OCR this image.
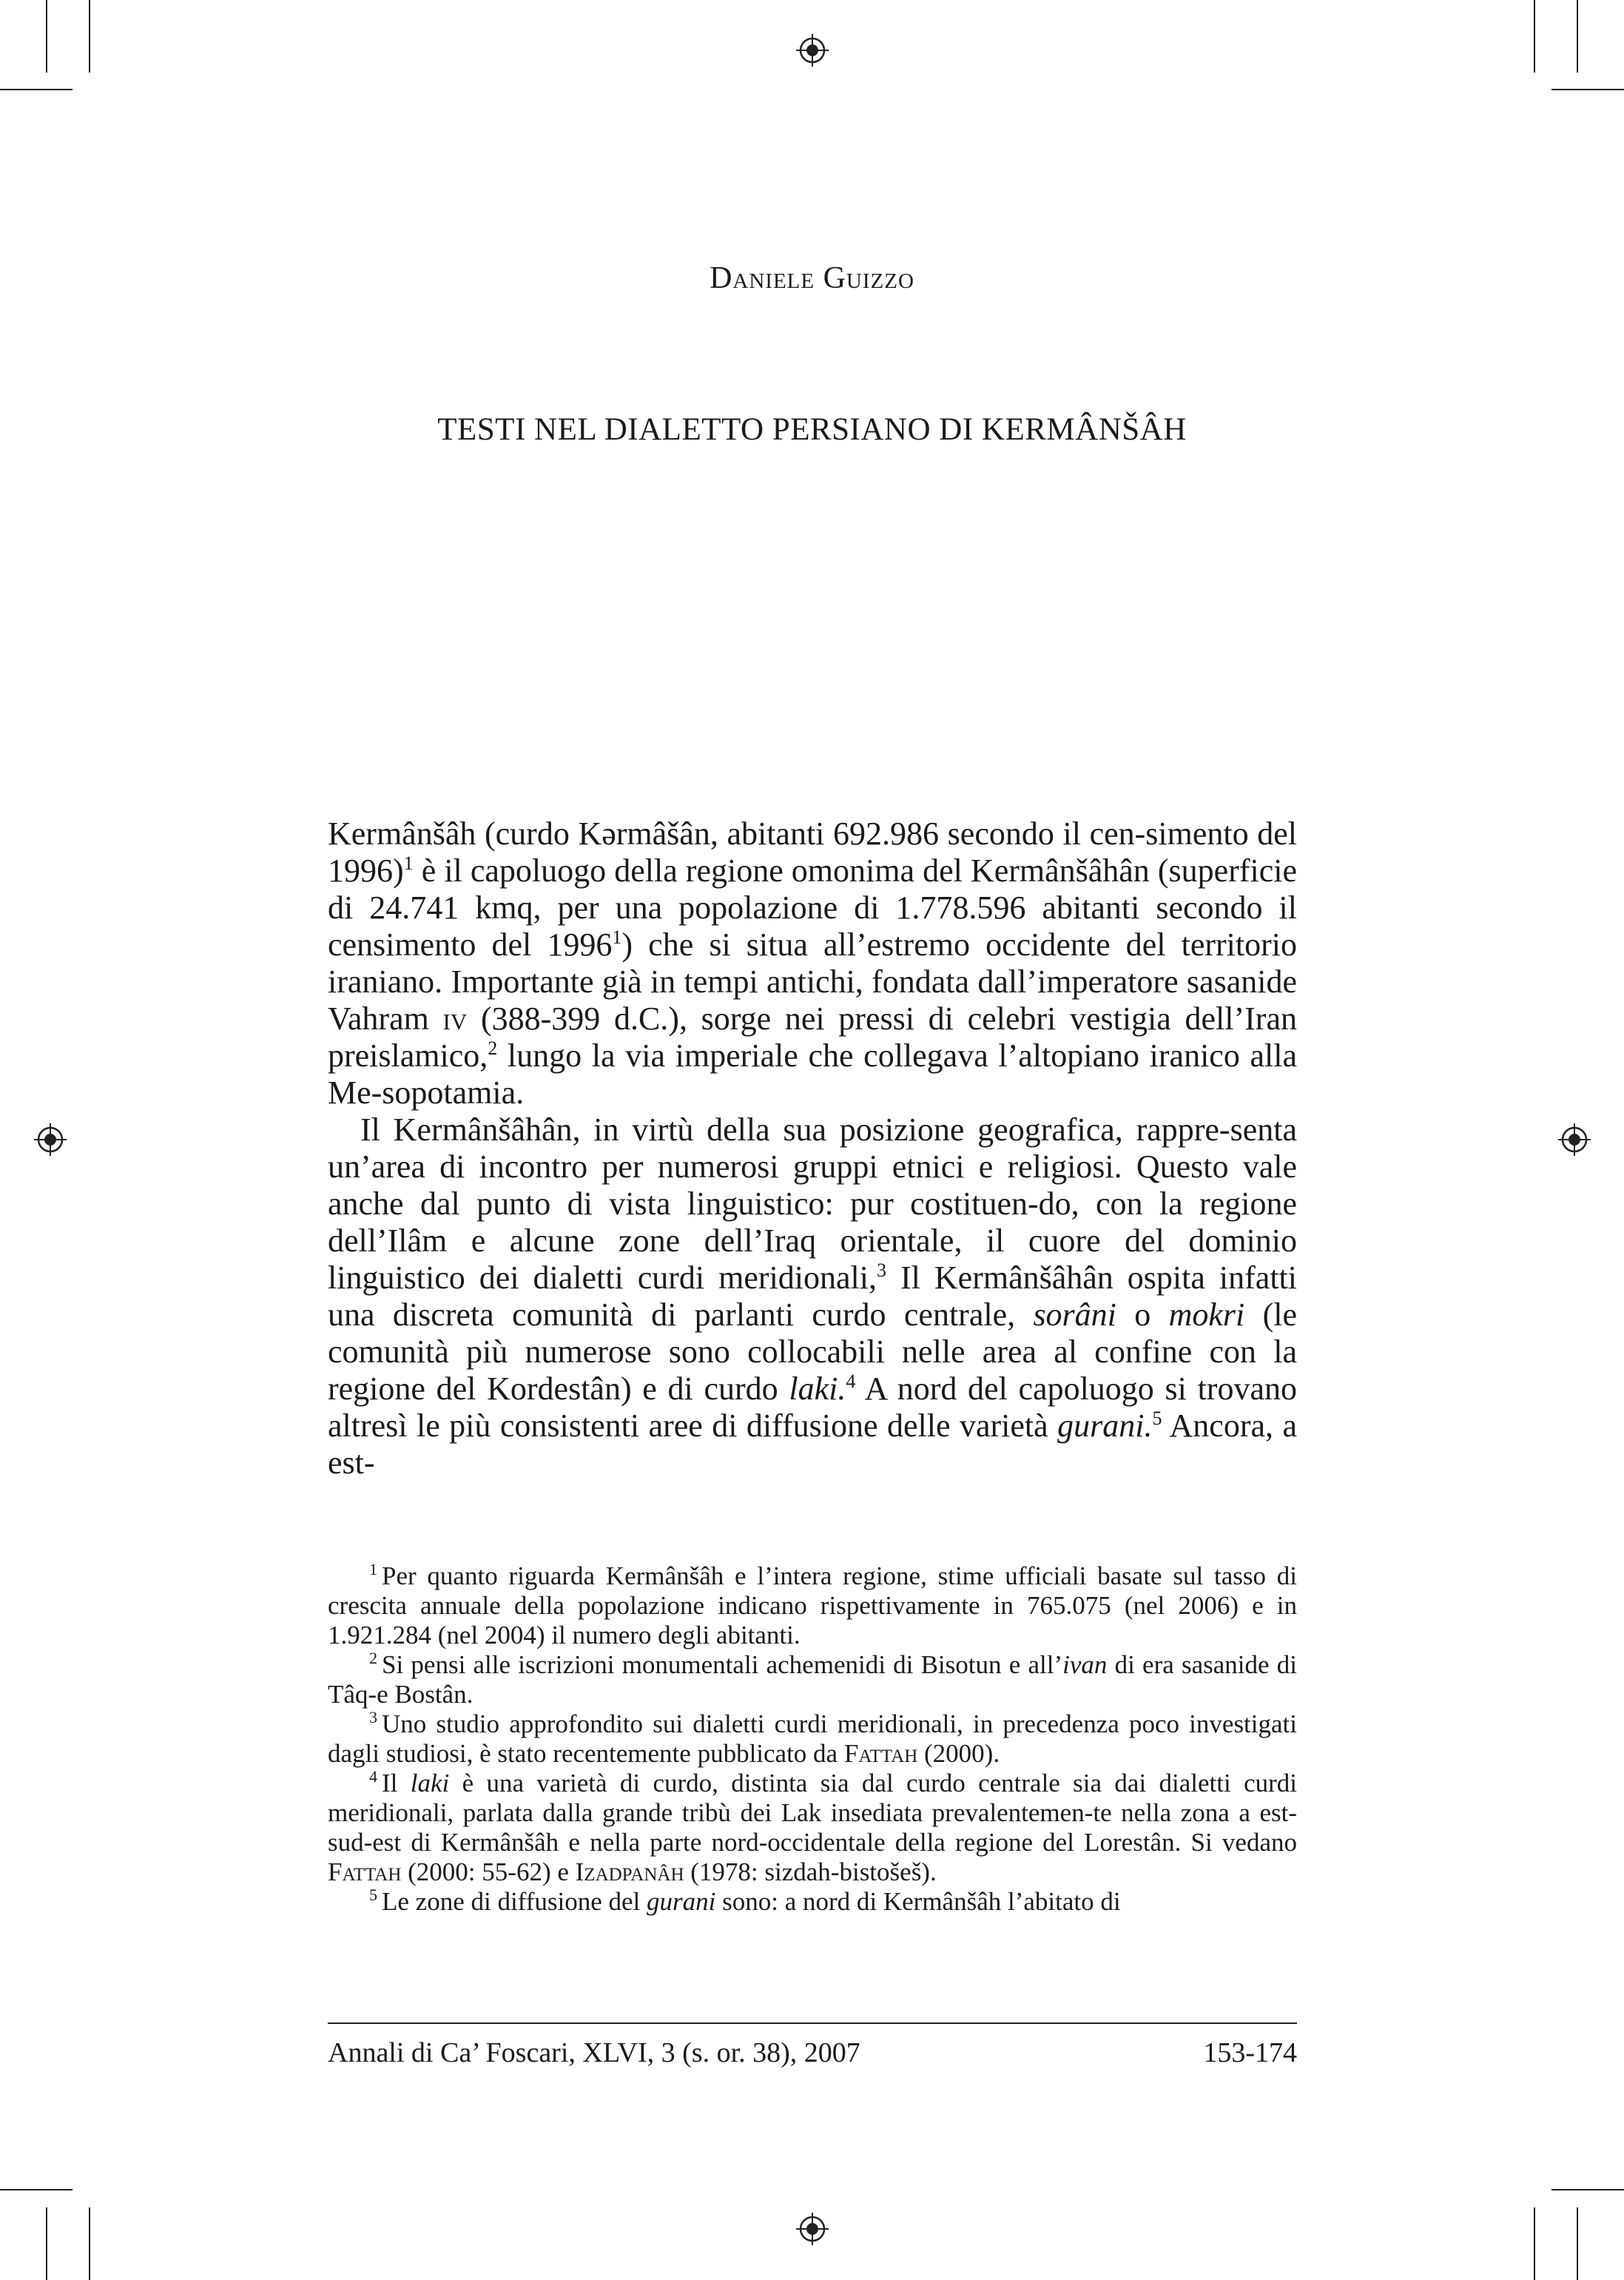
Daniele Guizzo
TESTI NEL DIALETTO PERSIANO DI KERMÂNŠÂH

Kermânšâh (curdo Kərmâšân, abitanti 692.986 secondo il cen-simento del 1996)$^1$ è il capoluogo della regione omonima del Kermânšâhân (superficie di 24.741 kmq, per una popolazione di 1.778.596 abitanti secondo il censimento del 1996$^1$) che si situa all’estremo occidente del territorio iraniano. Importante già in tempi antichi, fondata dall’imperatore sasanide Vahram iv (388-399 d.C.), sorge nei pressi di celebri vestigia dell’Iran preislamico,$^2$ lungo la via imperiale che collegava l’altopiano iranico alla Me-sopotamia.

Il Kermânšâhân, in virtù della sua posizione geografica, rappre-senta un’area di incontro per numerosi gruppi etnici e religiosi. Questo vale anche dal punto di vista linguistico: pur costituen-do, con la regione dell’Ilâm e alcune zone dell’Iraq orientale, il cuore del dominio linguistico dei dialetti curdi meridionali,$^3$ Il Kermânšâhân ospita infatti una discreta comunità di parlanti curdo centrale, sorâni o mokri (le comunità più numerose sono collocabili nelle area al confine con la regione del Kordestân) e di curdo laki.$^4$ A nord del capoluogo si trovano altresì le più consistenti aree di diffusione delle varietà gurani.$^5$ Ancora, a est-

$^1$ Per quanto riguarda Kermânšâh e l’intera regione, stime ufficiali basate sul tasso di crescita annuale della popolazione indicano rispettivamente in 765.075 (nel 2006) e in 1.921.284 (nel 2004) il numero degli abitanti.

$^2$ Si pensi alle iscrizioni monumentali achemenidi di Bisotun e all’ivan di era sasanide di Tâq-e Bostân.

$^3$ Uno studio approfondito sui dialetti curdi meridionali, in precedenza poco investigati dagli studiosi, è stato recentemente pubblicato da Fattah (2000).

$^4$ Il laki è una varietà di curdo, distinta sia dal curdo centrale sia dai dialetti curdi meridionali, parlata dalla grande tribù dei Lak insediata prevalentemen-te nella zona a est-sud-est di Kermânšâh e nella parte nord-occidentale della regione del Lorestân. Si vedano Fattah (2000: 55-62) e Izadpanâh (1978: sizdah-bistošeš).

$^5$ Le zone di diffusione del gurani sono: a nord di Kermânšâh l’abitato di

Annali di Ca’ Foscari, XLVI, 3 (s. or. 38), 2007	153-174
